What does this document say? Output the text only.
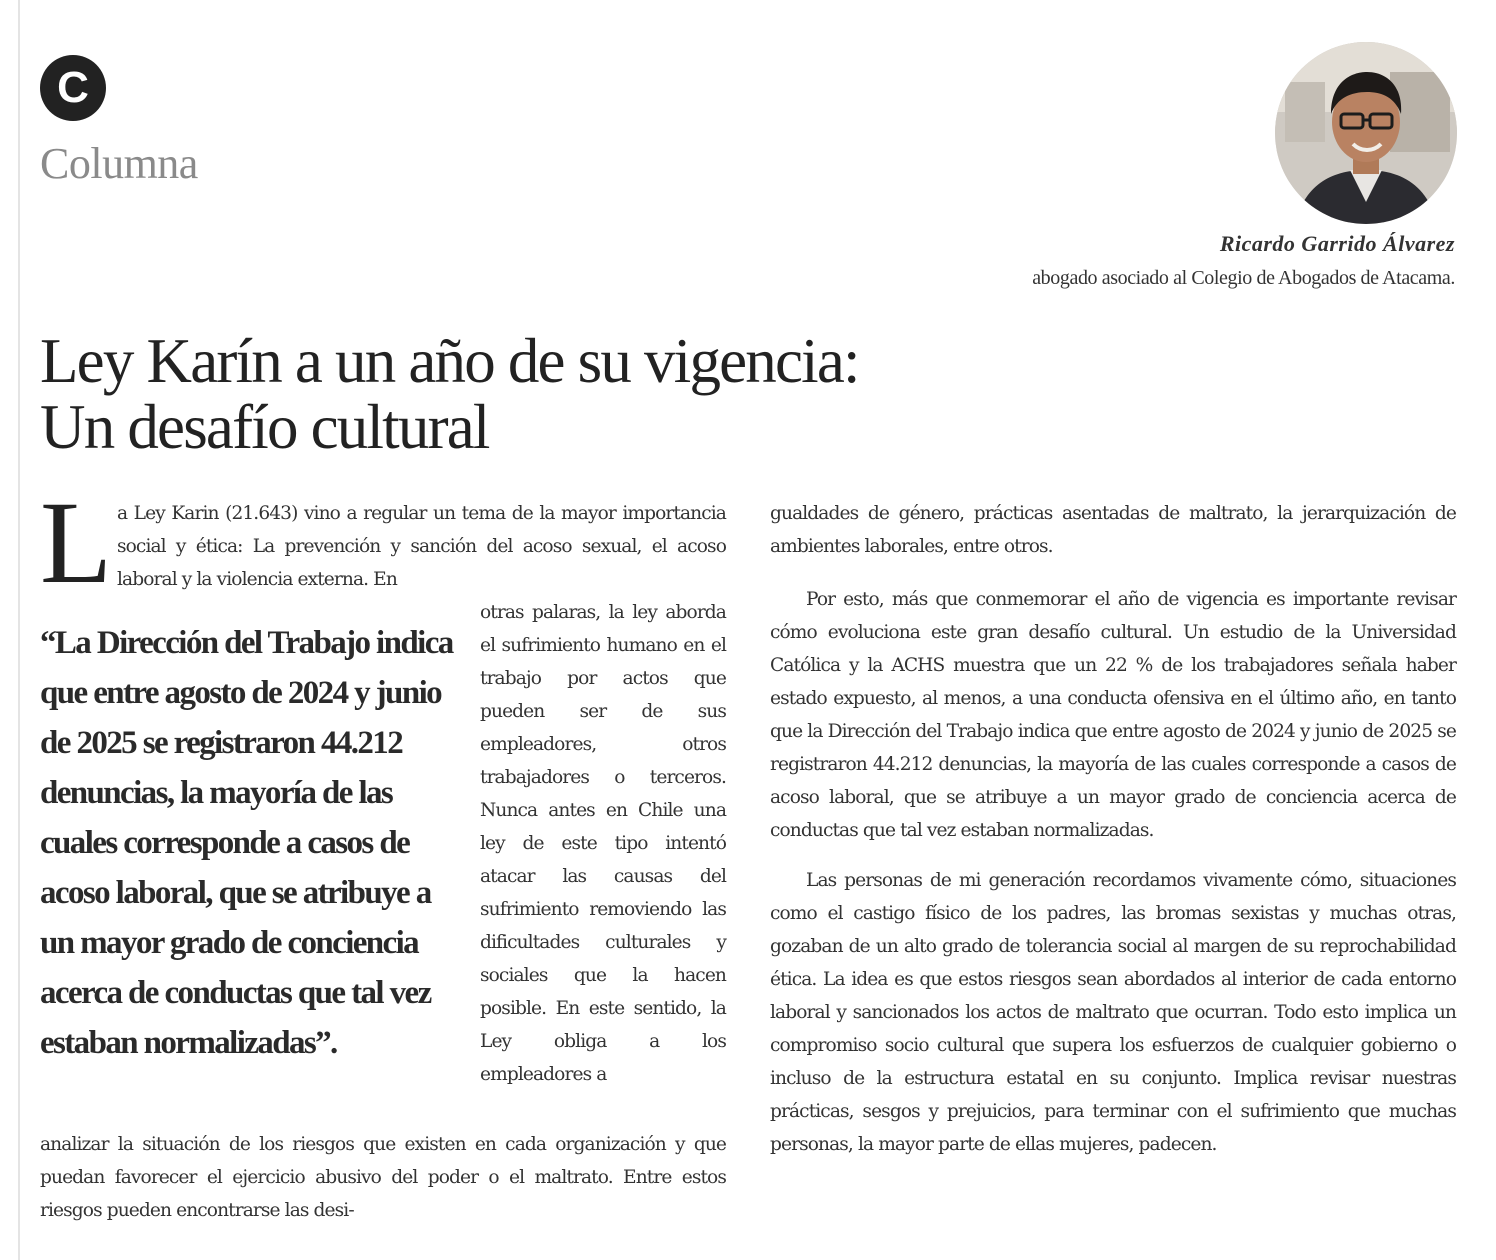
C
Columna
Ricardo Garrido Álvarez
abogado asociado al Colegio de Abogados de Atacama.
Ley Karín a un año de su vigencia:
Un desafío cultural
L a Ley Karin (21.643) vino a regular un tema de la mayor importancia social y ética: La prevención y sanción del acoso sexual, el acoso laboral y la violencia externa. En

“La Dirección del Trabajo indica que entre agosto de 2024 y junio de 2025 se registraron 44.212 denuncias, la mayoría de las cuales corresponde a casos de acoso laboral, que se atribuye a un mayor grado de conciencia acerca de conductas que tal vez estaban normalizadas”.

otras palaras, la ley aborda el sufrimiento humano en el trabajo por actos que pueden ser de sus empleadores, otros trabajadores o terceros. Nunca antes en Chile una ley de este tipo intentó atacar las causas del sufrimiento removiendo las dificultades culturales y sociales que la hacen posible. En este sentido, la Ley obliga a los empleadores a

analizar la situación de los riesgos que existen en cada organización y que puedan favorecer el ejercicio abusivo del poder o el maltrato. Entre estos riesgos pueden encontrarse las desi-

gualdades de género, prácticas asentadas de maltrato, la jerarquización de ambientes laborales, entre otros.

Por esto, más que conmemorar el año de vigencia es importante revisar cómo evoluciona este gran desafío cultural. Un estudio de la Universidad Católica y la ACHS muestra que un 22 % de los trabajadores señala haber estado expuesto, al menos, a una conducta ofensiva en el último año, en tanto que la Dirección del Trabajo indica que entre agosto de 2024 y junio de 2025 se registraron 44.212 denuncias, la mayoría de las cuales corresponde a casos de acoso laboral, que se atribuye a un mayor grado de conciencia acerca de conductas que tal vez estaban normalizadas.

Las personas de mi generación recordamos vivamente cómo, situaciones como el castigo físico de los padres, las bromas sexistas y muchas otras, gozaban de un alto grado de tolerancia social al margen de su reprochabilidad ética. La idea es que estos riesgos sean abordados al interior de cada entorno laboral y sancionados los actos de maltrato que ocurran. Todo esto implica un compromiso socio cultural que supera los esfuerzos de cualquier gobierno o incluso de la estructura estatal en su conjunto. Implica revisar nuestras prácticas, sesgos y prejuicios, para terminar con el sufrimiento que muchas personas, la mayor parte de ellas mujeres, padecen.
